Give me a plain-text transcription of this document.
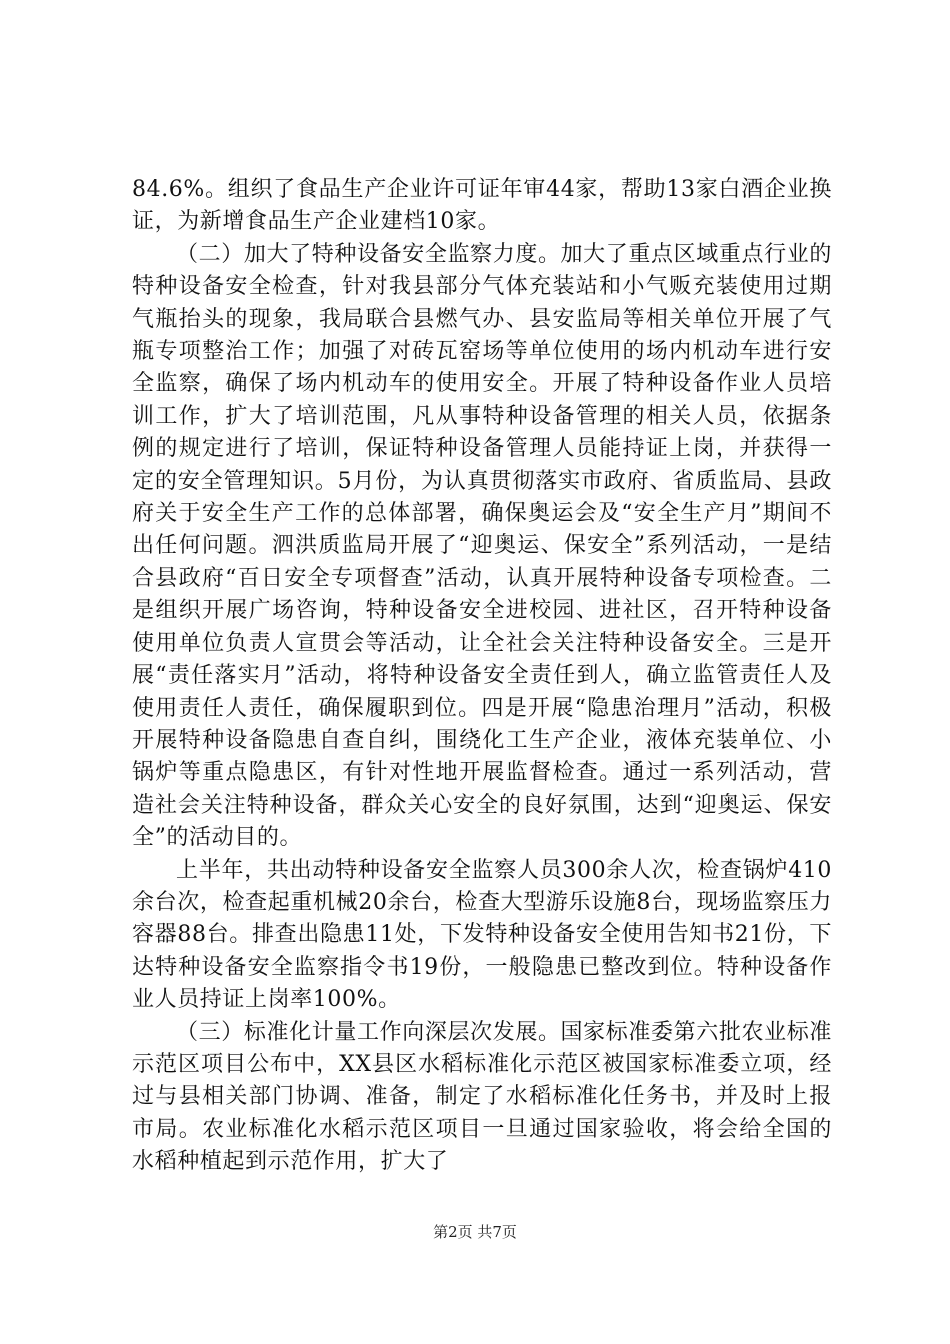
84.6%。组织了食品生产企业许可证年审44家，帮助13家白酒企业换证，为新增食品生产企业建档10家。

（二）加大了特种设备安全监察力度。加大了重点区域重点行业的特种设备安全检查，针对我县部分气体充装站和小气贩充装使用过期气瓶抬头的现象，我局联合县燃气办、县安监局等相关单位开展了气瓶专项整治工作；加强了对砖瓦窑场等单位使用的场内机动车进行安全监察，确保了场内机动车的使用安全。开展了特种设备作业人员培训工作，扩大了培训范围，凡从事特种设备管理的相关人员，依据条例的规定进行了培训，保证特种设备管理人员能持证上岗，并获得一定的安全管理知识。5月份，为认真贯彻落实市政府、省质监局、县政府关于安全生产工作的总体部署，确保奥运会及“安全生产月”期间不出任何问题。泗洪质监局开展了“迎奥运、保安全”系列活动，一是结合县政府“百日安全专项督查”活动，认真开展特种设备专项检查。二是组织开展广场咨询，特种设备安全进校园、进社区，召开特种设备使用单位负责人宣贯会等活动，让全社会关注特种设备安全。三是开展“责任落实月”活动，将特种设备安全责任到人，确立监管责任人及使用责任人责任，确保履职到位。四是开展“隐患治理月”活动，积极开展特种设备隐患自查自纠，围绕化工生产企业，液体充装单位、小锅炉等重点隐患区，有针对性地开展监督检查。通过一系列活动，营造社会关注特种设备，群众关心安全的良好氛围，达到“迎奥运、保安全”的活动目的。

上半年，共出动特种设备安全监察人员300余人次，检查锅炉410余台次，检查起重机械20余台，检查大型游乐设施8台，现场监察压力容器88台。排查出隐患11处，下发特种设备安全使用告知书21份，下达特种设备安全监察指令书19份，一般隐患已整改到位。特种设备作业人员持证上岗率100%。

（三）标准化计量工作向深层次发展。国家标准委第六批农业标准示范区项目公布中，XX县区水稻标准化示范区被国家标准委立项，经过与县相关部门协调、准备，制定了水稻标准化任务书，并及时上报市局。农业标准化水稻示范区项目一旦通过国家验收，将会给全国的水稻种植起到示范作用，扩大了

第2页 共7页
